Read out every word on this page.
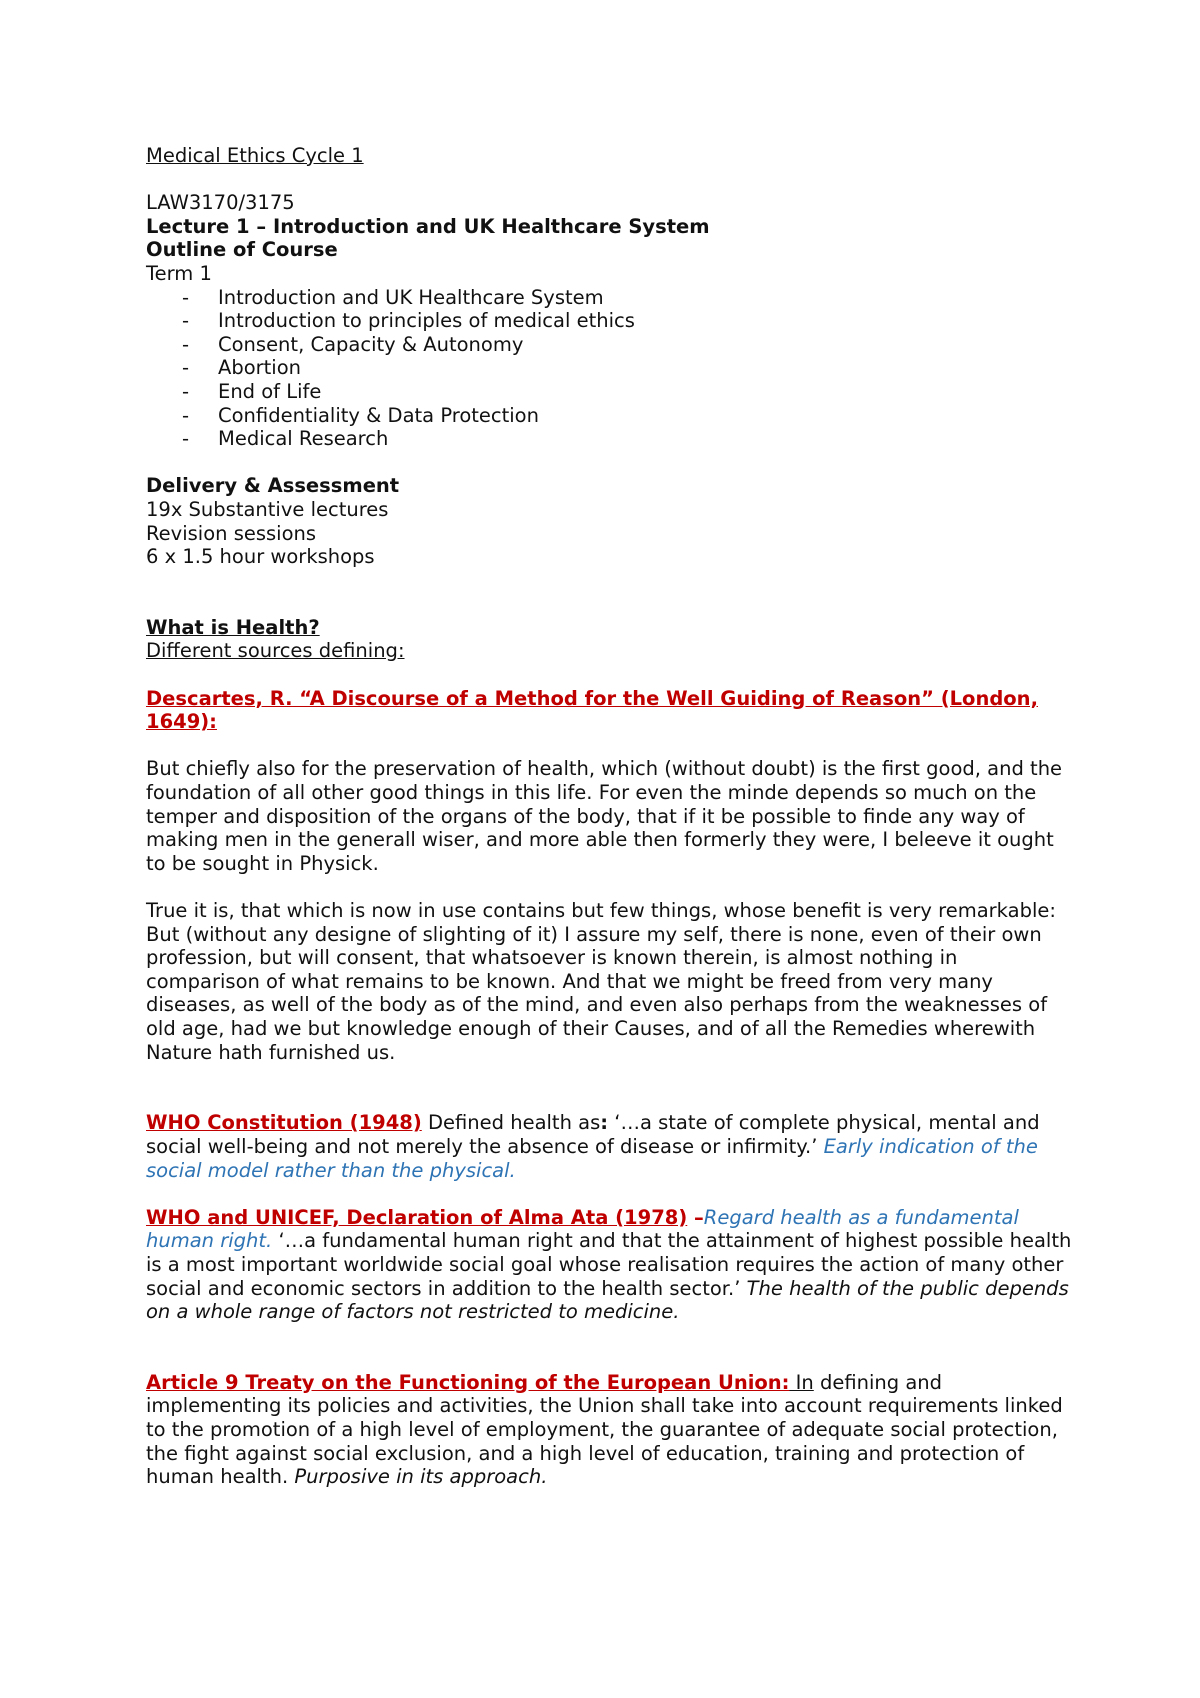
Medical Ethics Cycle 1

LAW3170/3175

Lecture 1 – Introduction and UK Healthcare System

Outline of Course

Term 1

- Introduction and UK Healthcare System
- Introduction to principles of medical ethics
- Consent, Capacity & Autonomy
- Abortion
- End of Life
- Confidentiality & Data Protection
- Medical Research

Delivery & Assessment

19x Substantive lectures

Revision sessions

6 x 1.5 hour workshops

What is Health?

Different sources defining:

Descartes, R. “A Discourse of a Method for the Well Guiding of Reason” (London, 1649):

But chiefly also for the preservation of health, which (without doubt) is the first good, and the foundation of all other good things in this life. For even the minde depends so much on the temper and disposition of the organs of the body, that if it be possible to finde any way of making men in the generall wiser, and more able then formerly they were, I beleeve it ought to be sought in Physick.

True it is, that which is now in use contains but few things, whose benefit is very remarkable: But (without any designe of slighting of it) I assure my self, there is none, even of their own profession, but will consent, that whatsoever is known therein, is almost nothing in comparison of what remains to be known. And that we might be freed from very many diseases, as well of the body as of the mind, and even also perhaps from the weaknesses of old age, had we but knowledge enough of their Causes, and of all the Remedies wherewith Nature hath furnished us.

WHO Constitution (1948) Defined health as: ‘…a state of complete physical, mental and social well-being and not merely the absence of disease or infirmity.’ Early indication of the social model rather than the physical.

WHO and UNICEF, Declaration of Alma Ata (1978) –Regard health as a fundamental human right. ‘…a fundamental human right and that the attainment of highest possible health is a most important worldwide social goal whose realisation requires the action of many other social and economic sectors in addition to the health sector.’ The health of the public depends on a whole range of factors not restricted to medicine.

Article 9 Treaty on the Functioning of the European Union: In defining and implementing its policies and activities, the Union shall take into account requirements linked to the promotion of a high level of employment, the guarantee of adequate social protection, the fight against social exclusion, and a high level of education, training and protection of human health. Purposive in its approach.
